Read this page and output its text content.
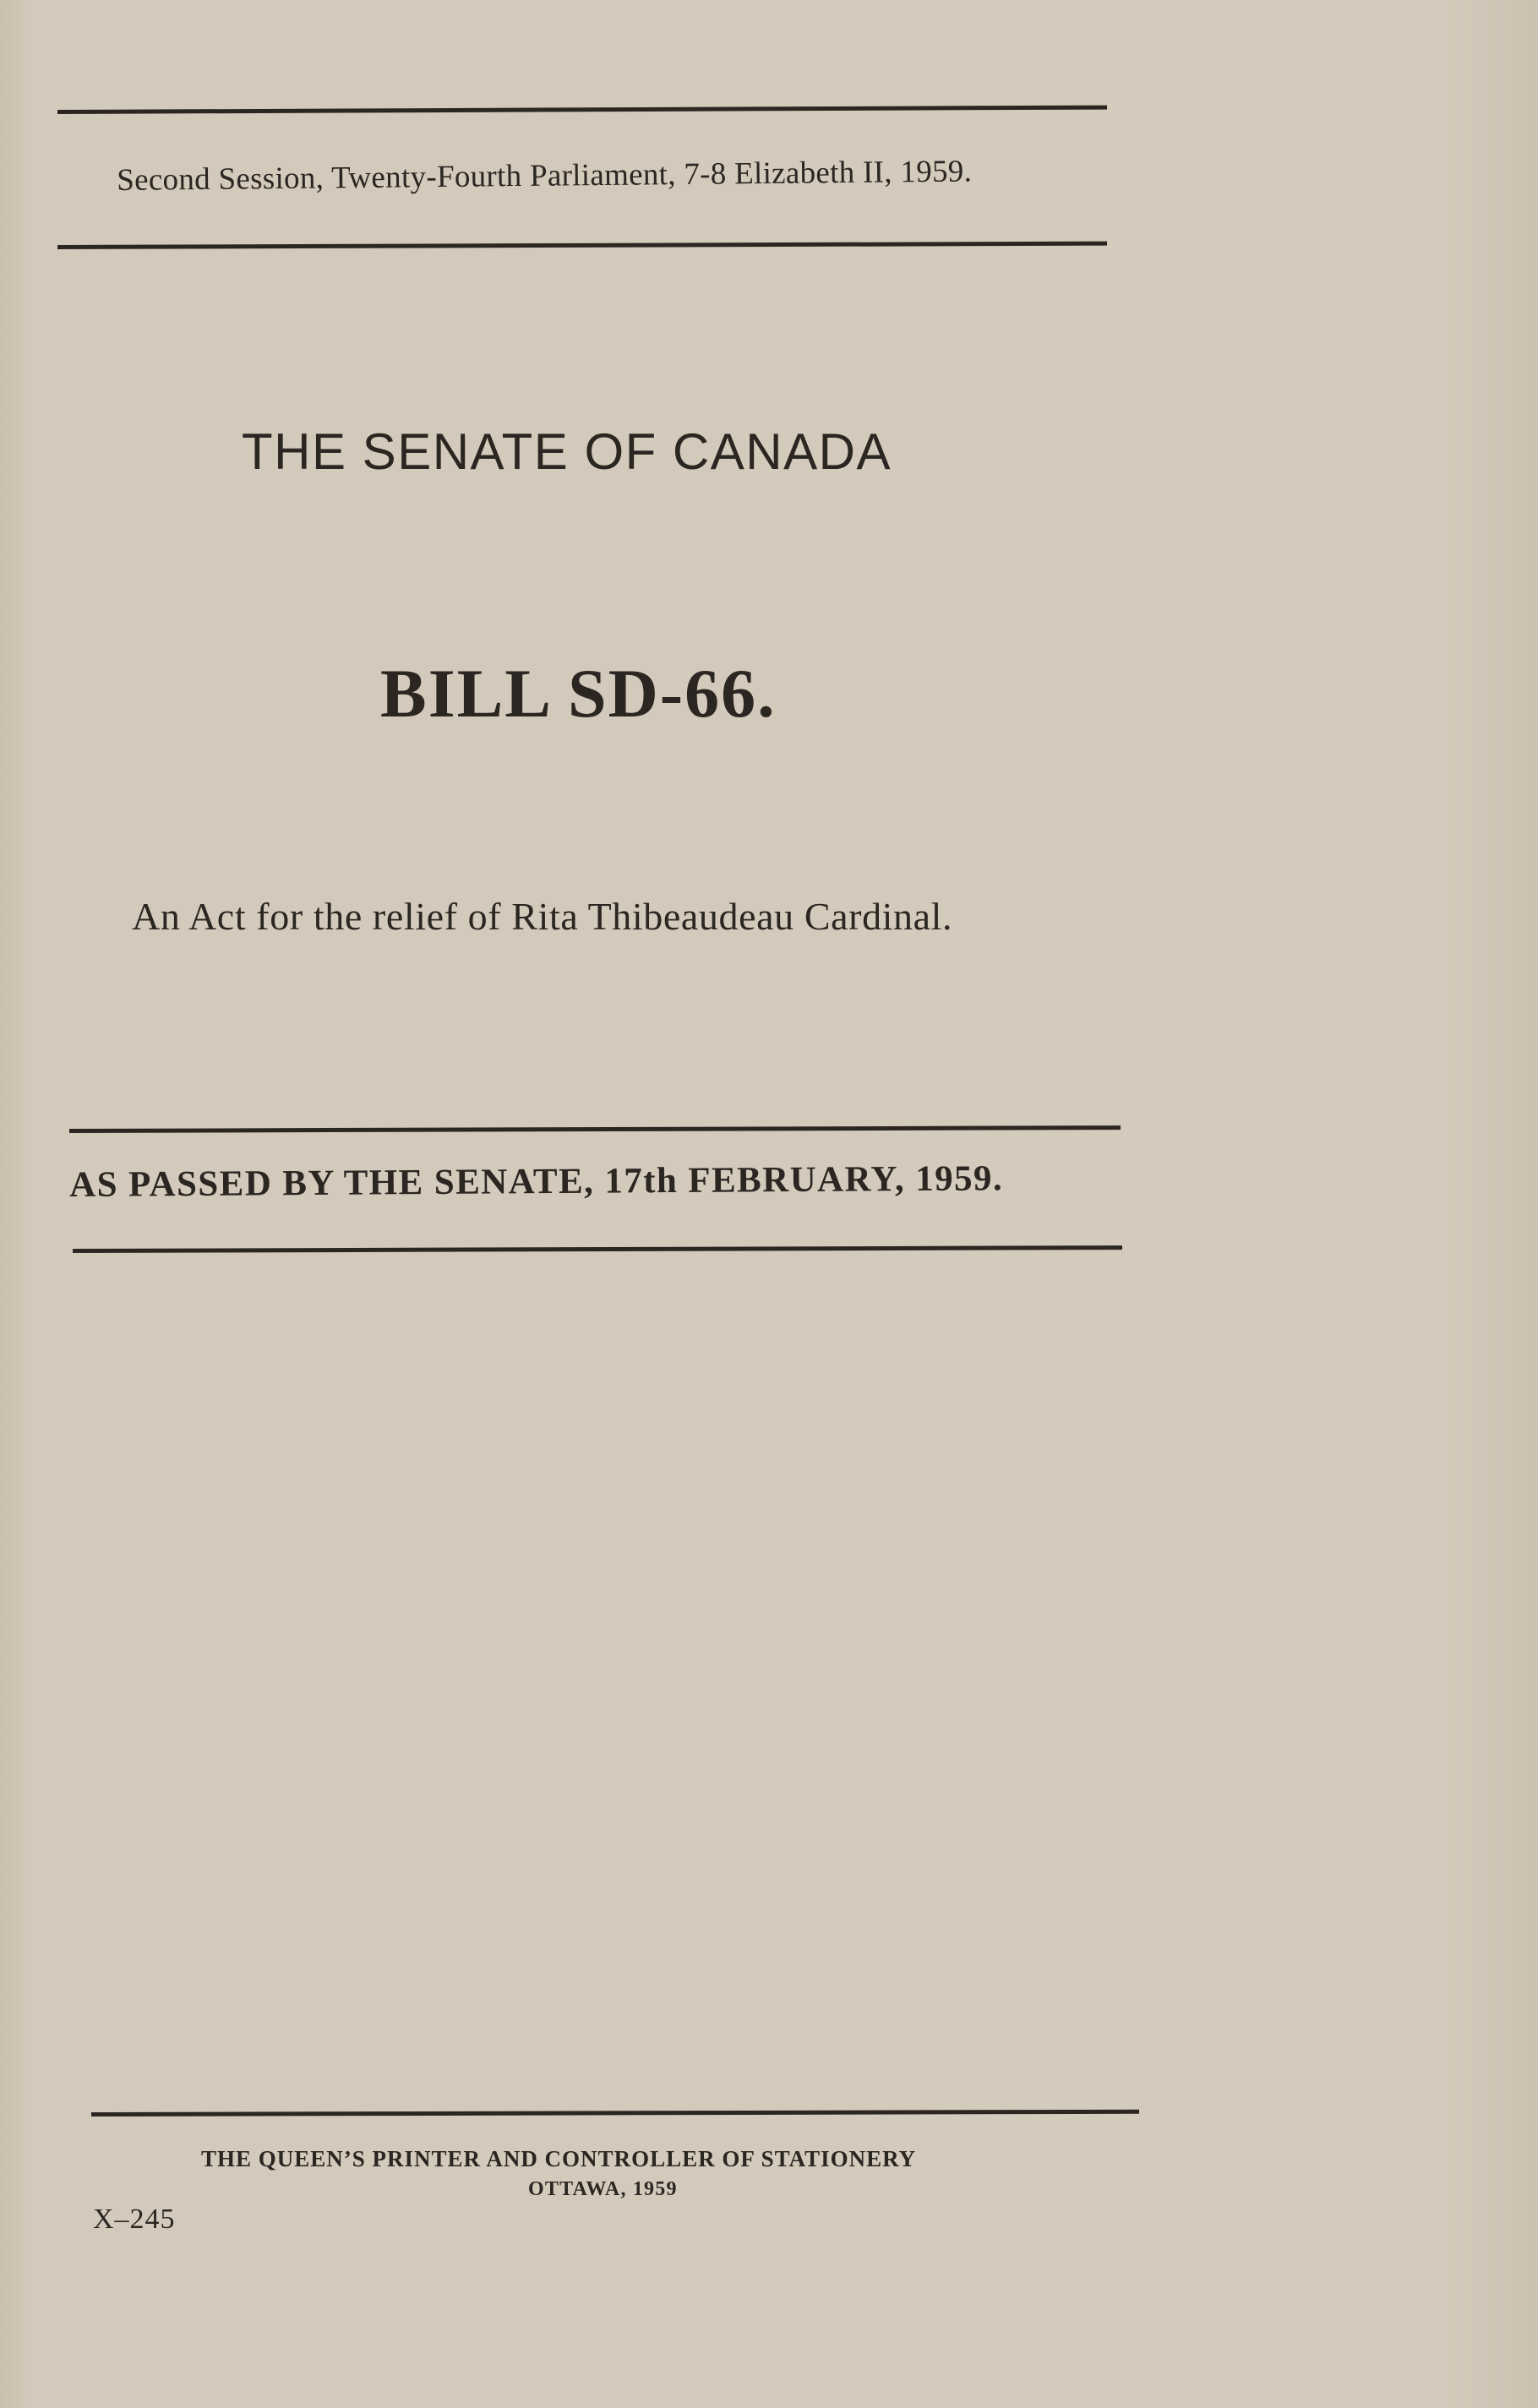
Second Session, Twenty-Fourth Parliament, 7-8 Elizabeth II, 1959.
THE SENATE OF CANADA
BILL SD-66.
An Act for the relief of Rita Thibeaudeau Cardinal.
AS PASSED BY THE SENATE, 17th FEBRUARY, 1959.
THE QUEEN’S PRINTER AND CONTROLLER OF STATIONERY
OTTAWA, 1959
X–245
